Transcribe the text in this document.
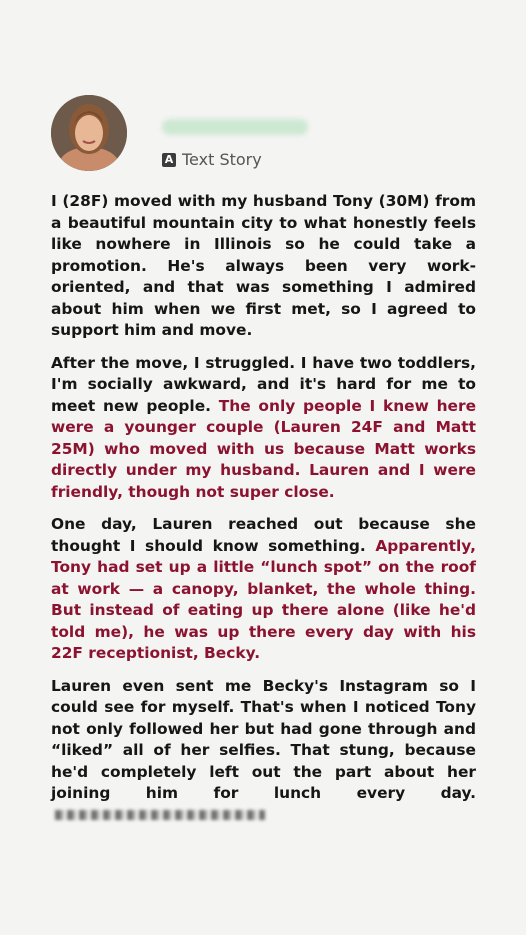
A Text Story

I (28F) moved with my husband Tony (30M) from a beautiful mountain city to what honestly feels like nowhere in Illinois so he could take a promotion. He's always been very work-oriented, and that was something I admired about him when we first met, so I agreed to support him and move.

After the move, I struggled. I have two toddlers, I'm socially awkward, and it's hard for me to meet new people. The only people I knew here were a younger couple (Lauren 24F and Matt 25M) who moved with us because Matt works directly under my husband. Lauren and I were friendly, though not super close.

One day, Lauren reached out because she thought I should know something. Apparently, Tony had set up a little “lunch spot” on the roof at work — a canopy, blanket, the whole thing. But instead of eating up there alone (like he'd told me), he was up there every day with his 22F receptionist, Becky.

Lauren even sent me Becky's Instagram so I could see for myself. That's when I noticed Tony not only followed her but had gone through and “liked” all of her selfies. That stung, because he'd completely left out the part about her joining him for lunch every day.
